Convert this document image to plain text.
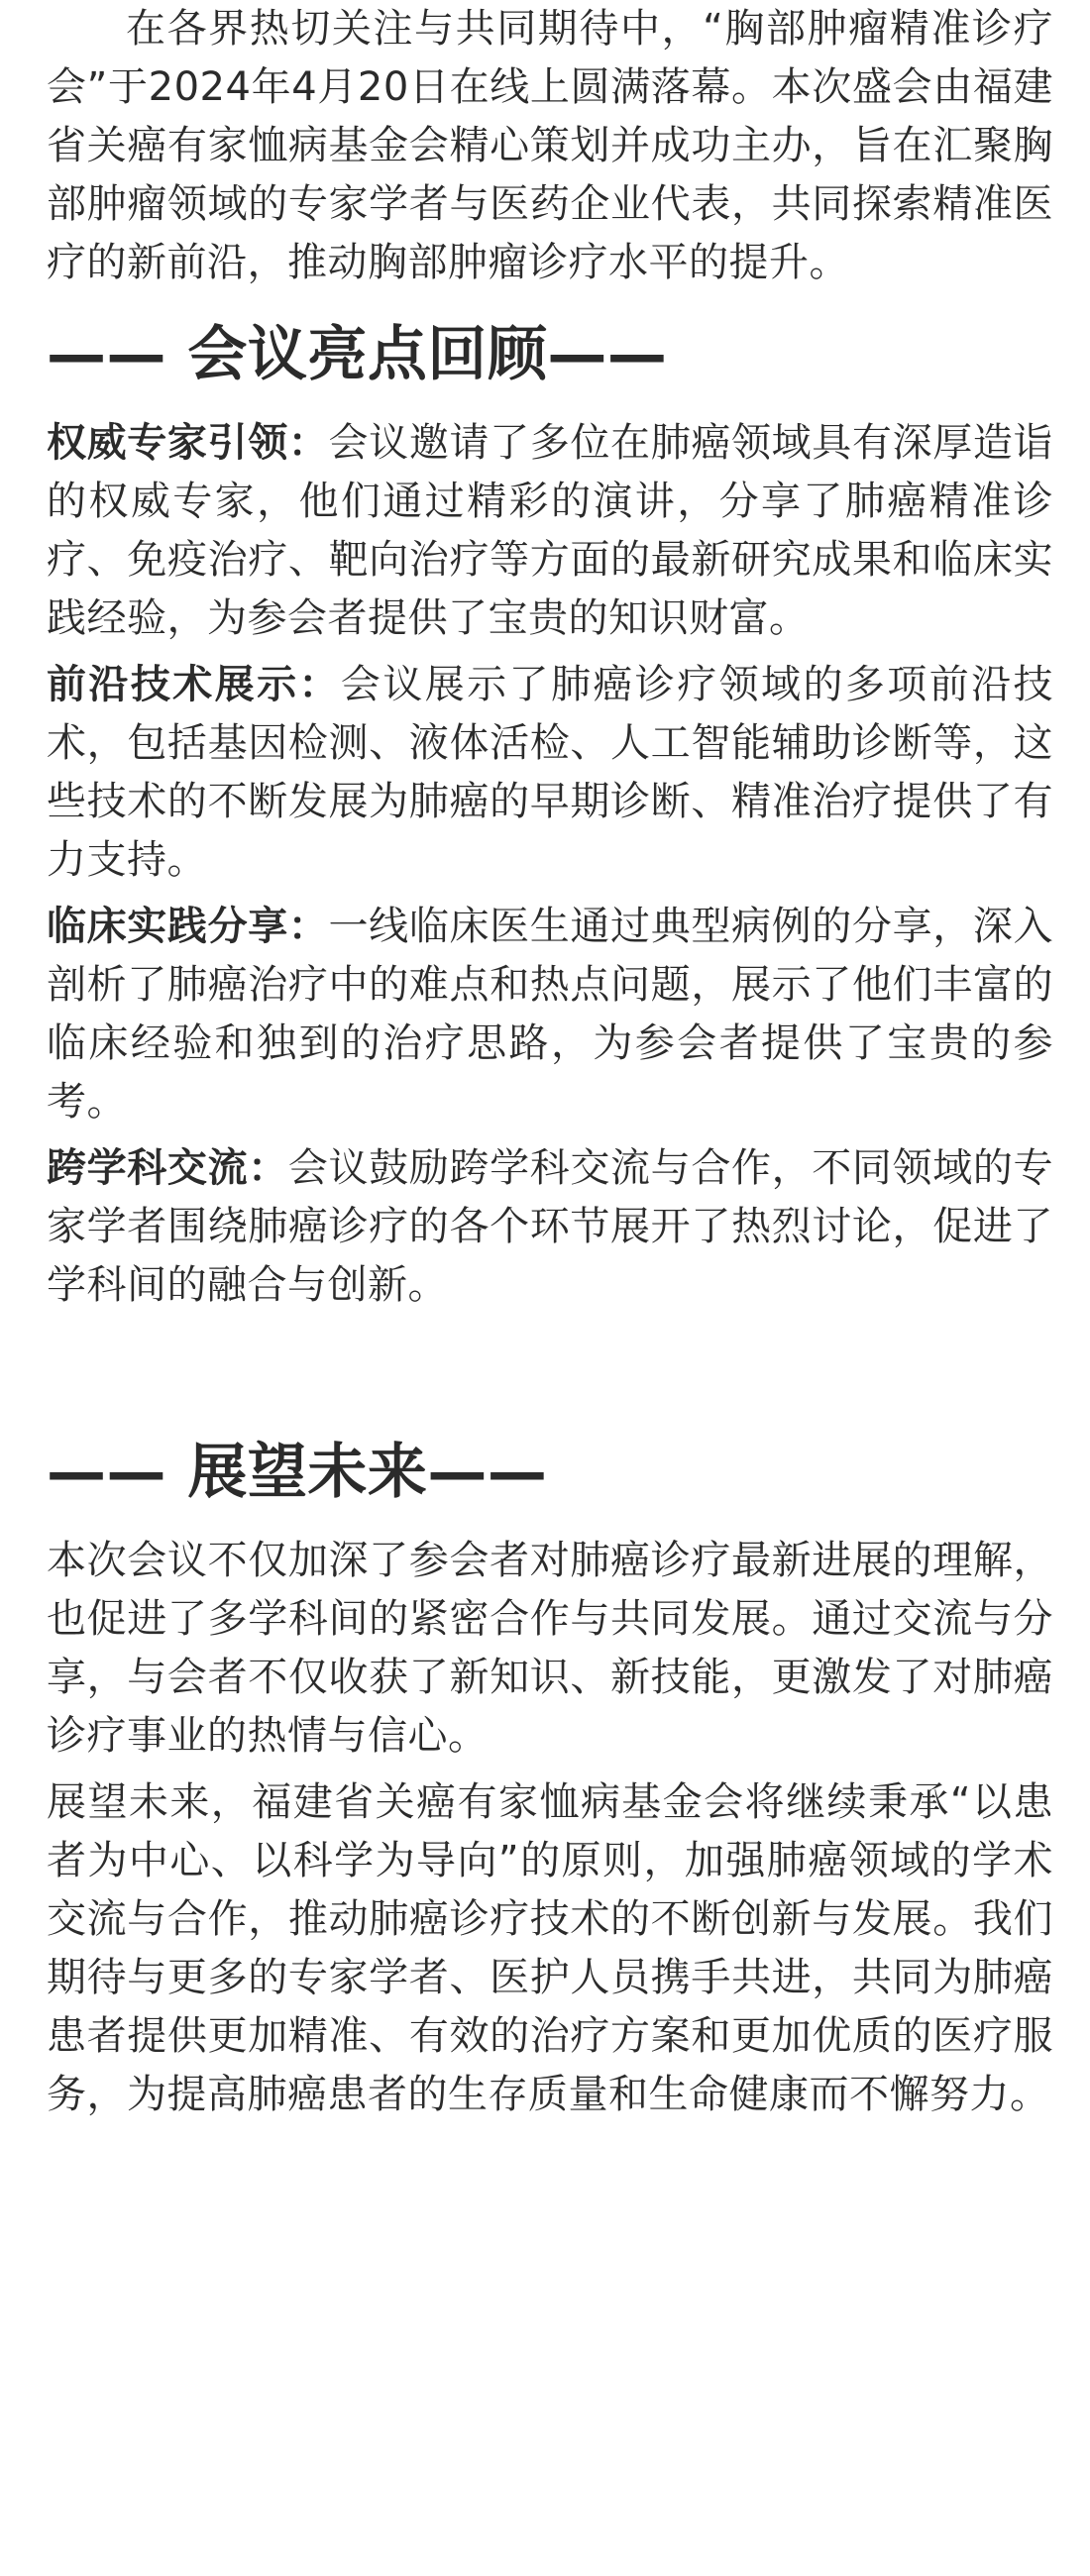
在各界热切关注与共同期待中，“胸部肿瘤精准诊疗会”于2024年4月20日在线上圆满落幕。本次盛会由福建省关癌有家恤病基金会精心策划并成功主办，旨在汇聚胸部肿瘤领域的专家学者与医药企业代表，共同探索精准医疗的新前沿，推动胸部肿瘤诊疗水平的提升。

—— 会议亮点回顾——

权威专家引领：会议邀请了多位在肺癌领域具有深厚造诣的权威专家，他们通过精彩的演讲，分享了肺癌精准诊疗、免疫治疗、靶向治疗等方面的最新研究成果和临床实践经验，为参会者提供了宝贵的知识财富。

前沿技术展示：会议展示了肺癌诊疗领域的多项前沿技术，包括基因检测、液体活检、人工智能辅助诊断等，这些技术的不断发展为肺癌的早期诊断、精准治疗提供了有力支持。

临床实践分享：一线临床医生通过典型病例的分享，深入剖析了肺癌治疗中的难点和热点问题，展示了他们丰富的临床经验和独到的治疗思路，为参会者提供了宝贵的参考。

跨学科交流：会议鼓励跨学科交流与合作，不同领域的专家学者围绕肺癌诊疗的各个环节展开了热烈讨论，促进了学科间的融合与创新。

—— 展望未来——

本次会议不仅加深了参会者对肺癌诊疗最新进展的理解，也促进了多学科间的紧密合作与共同发展。通过交流与分享，与会者不仅收获了新知识、新技能，更激发了对肺癌诊疗事业的热情与信心。

展望未来，福建省关癌有家恤病基金会将继续秉承“以患者为中心、以科学为导向”的原则，加强肺癌领域的学术交流与合作，推动肺癌诊疗技术的不断创新与发展。我们期待与更多的专家学者、医护人员携手共进，共同为肺癌患者提供更加精准、有效的治疗方案和更加优质的医疗服务，为提高肺癌患者的生存质量和生命健康而不懈努力。
